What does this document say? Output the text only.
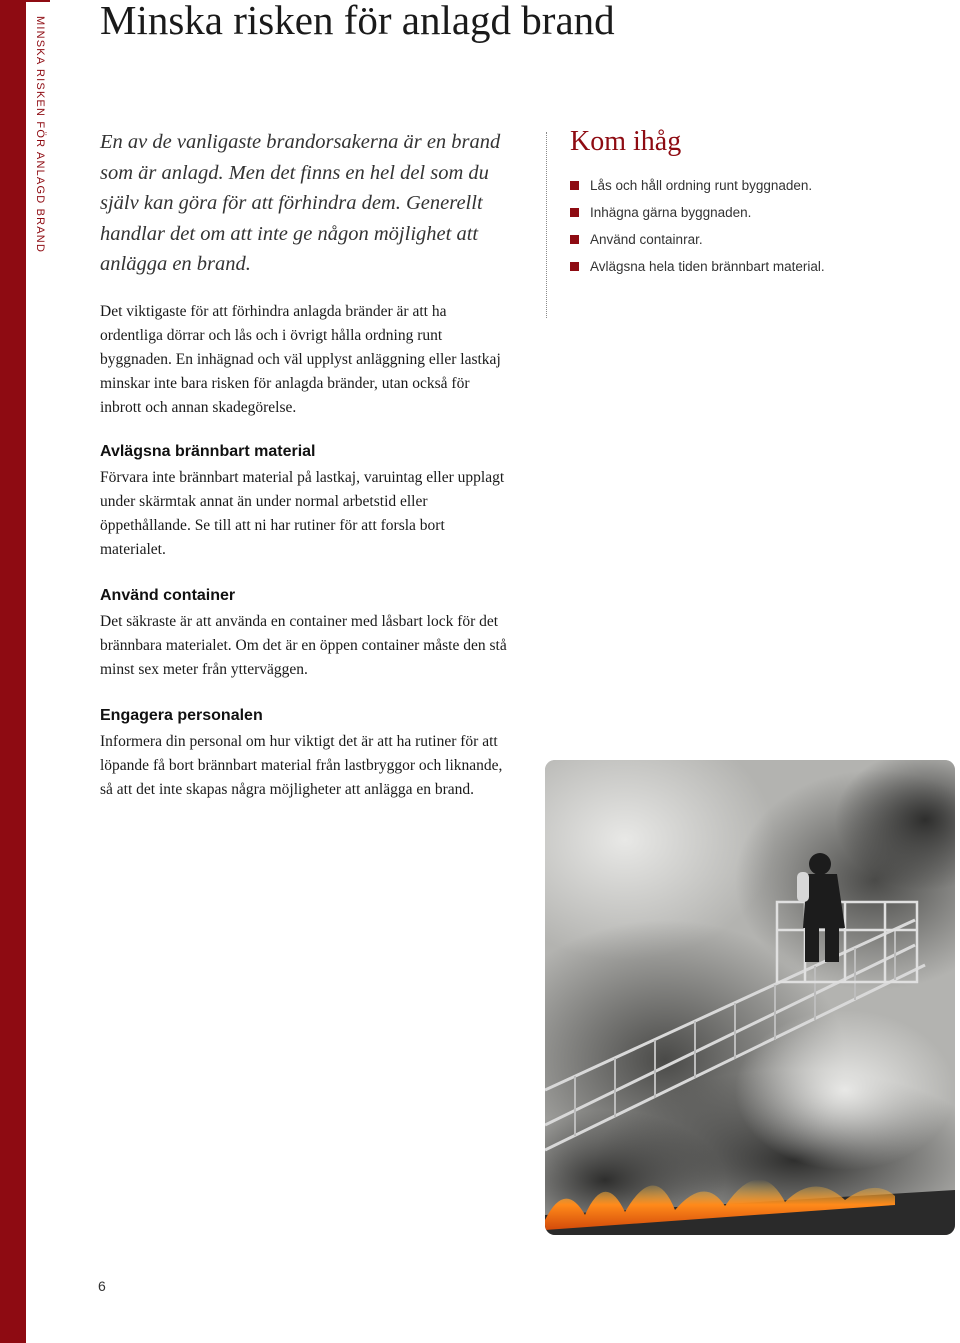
MINSKA RISKEN FÖR ANLAGD BRAND Minska risken för anlagd brand

En av de vanligaste brandorsakerna är en brand som är anlagd. Men det finns en hel del som du själv kan göra för att förhindra dem. Generellt handlar det om att inte ge någon möjlighet att anlägga en brand.

Det viktigaste för att förhindra anlagda bränder är att ha ordentliga dörrar och lås och i övrigt hålla ordning runt byggnaden. En inhägnad och väl upplyst anläggning eller lastkaj minskar inte bara risken för anlagda bränder, utan också för inbrott och annan skadegörelse.

Avlägsna brännbart material

Förvara inte brännbart material på lastkaj, varuintag eller upplagt under skärmtak annat än under normal arbetstid eller öppethållande. Se till att ni har rutiner för att forsla bort materialet.

Använd container

Det säkraste är att använda en container med låsbart lock för det brännbara materialet. Om det är en öppen container måste den stå minst sex meter från ytterväggen.

Engagera personalen

Informera din personal om hur viktigt det är att ha rutiner för att löpande få bort brännbart material från lastbryggor och liknande, så att det inte skapas några möjligheter att anlägga en brand.

Kom ihåg
Lås och håll ordning runt byggnaden.
Inhägna gärna byggnaden.
Använd containrar.
Avlägsna hela tiden brännbart material.
6
